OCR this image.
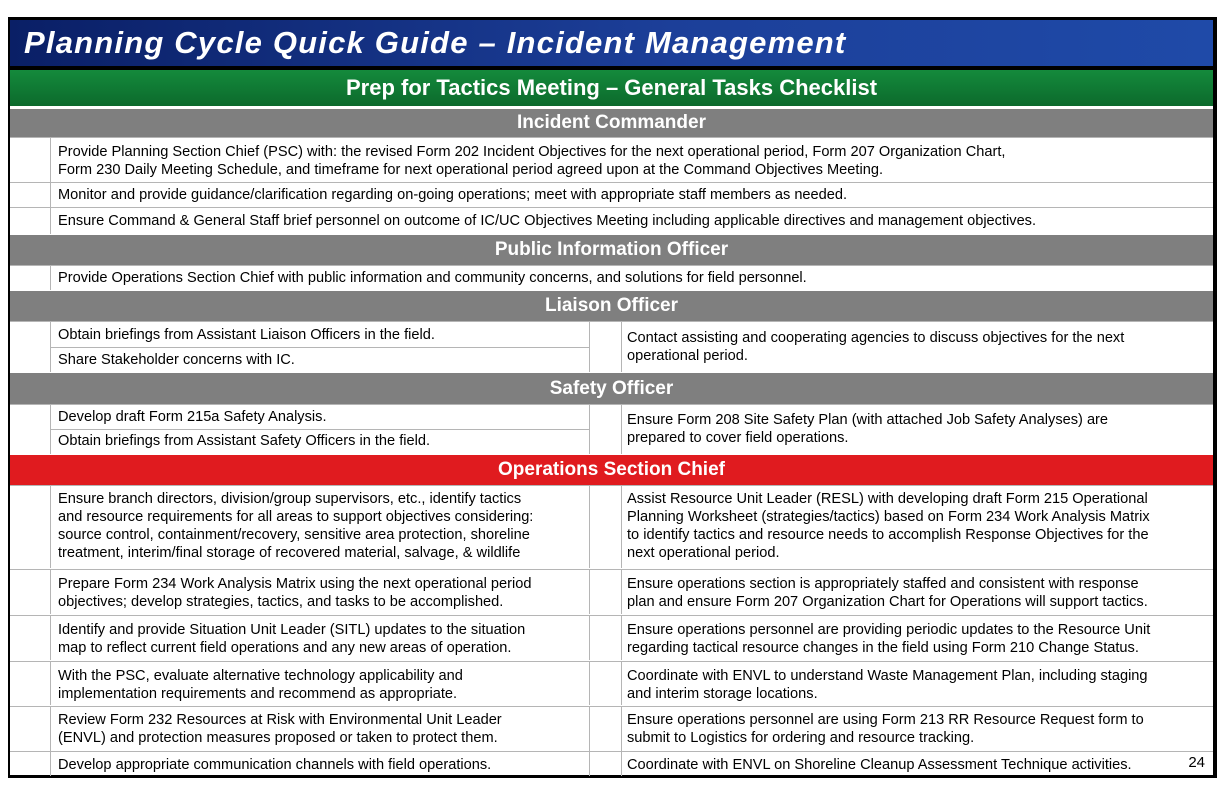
Planning Cycle Quick Guide – Incident Management
Prep for Tactics Meeting – General Tasks Checklist
Incident Commander
Provide Planning Section Chief (PSC) with: the revised Form 202 Incident Objectives for the next operational period, Form 207 Organization Chart,
Form 230 Daily Meeting Schedule, and timeframe for next operational period agreed upon at the Command Objectives Meeting.
Monitor and provide guidance/clarification regarding on-going operations; meet with appropriate staff members as needed.
Ensure Command & General Staff brief personnel on outcome of IC/UC Objectives Meeting including applicable directives and management objectives.
Public Information Officer
Provide Operations Section Chief with public information and community concerns, and solutions for field personnel.
Liaison Officer
Obtain briefings from Assistant Liaison Officers in the field.
Share Stakeholder concerns with IC.
Contact assisting and cooperating agencies to discuss objectives for the next
operational period.
Safety Officer
Develop draft Form 215a Safety Analysis.
Obtain briefings from Assistant Safety Officers in the field.
Ensure Form 208 Site Safety Plan (with attached Job Safety Analyses) are
prepared to cover field operations.
Operations Section Chief
Ensure branch directors, division/group supervisors, etc., identify tactics
and resource requirements for all areas to support objectives considering:
source control, containment/recovery, sensitive area protection, shoreline
treatment, interim/final storage of recovered material, salvage, & wildlife
Assist Resource Unit Leader (RESL) with developing draft Form 215 Operational
Planning Worksheet (strategies/tactics) based on Form 234 Work Analysis Matrix
to identify tactics and resource needs to accomplish Response Objectives for the
next operational period.
Prepare Form 234 Work Analysis Matrix using the next operational period
objectives; develop strategies, tactics, and tasks to be accomplished.
Ensure operations section is appropriately staffed and consistent with response
plan and ensure Form 207 Organization Chart for Operations will support tactics.
Identify and provide Situation Unit Leader (SITL) updates to the situation
map to reflect current field operations and any new areas of operation.
Ensure operations personnel are providing periodic updates to the Resource Unit
regarding tactical resource changes in the field using Form 210 Change Status.
With the PSC, evaluate alternative technology applicability and
implementation requirements and recommend as appropriate.
Coordinate with ENVL to understand Waste Management Plan, including staging
and interim storage locations.
Review Form 232 Resources at Risk with Environmental Unit Leader
(ENVL) and protection measures proposed or taken to protect them.
Ensure operations personnel are using Form 213 RR Resource Request form to
submit to Logistics for ordering and resource tracking.
Develop appropriate communication channels with field operations.	Coordinate with ENVL on Shoreline Cleanup Assessment Technique activities.	24
